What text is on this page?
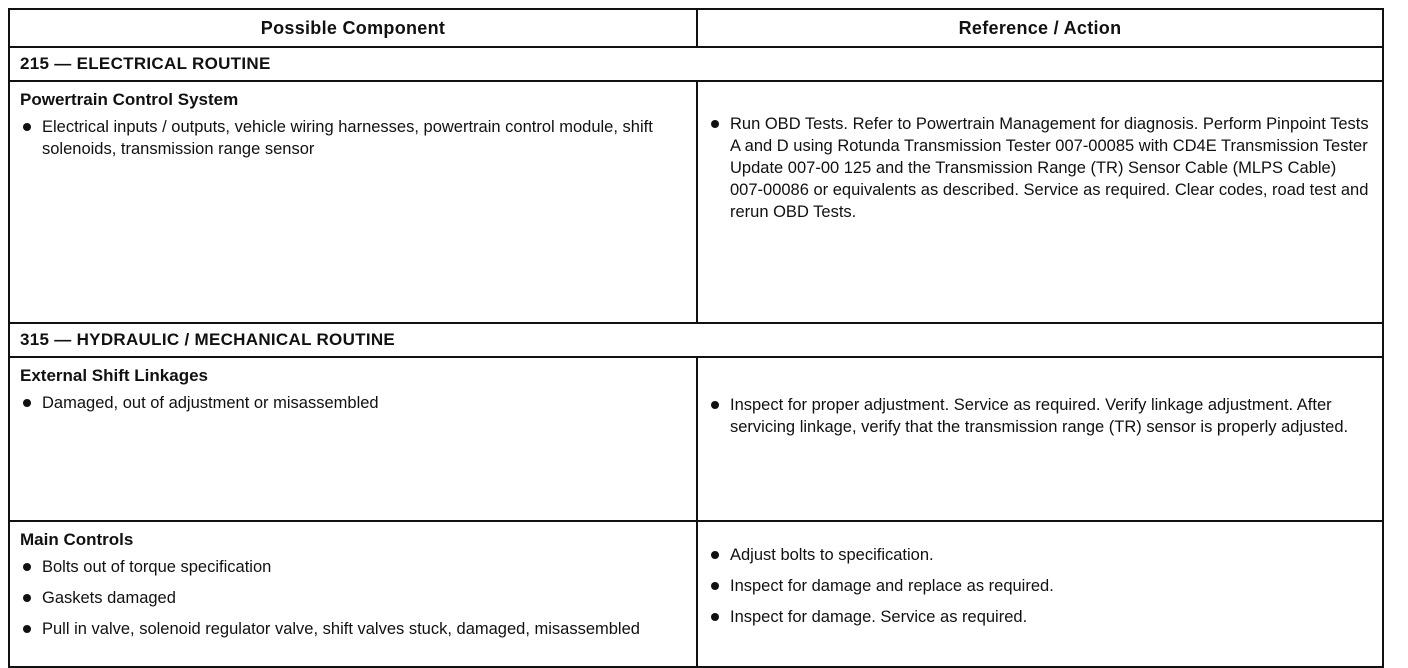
Possible Component	Reference / Action
215 — ELECTRICAL ROUTINE
Powertrain Control System
Electrical inputs / outputs, vehicle wiring harnesses, powertrain control module, shift solenoids, transmission range sensor
Run OBD Tests. Refer to Powertrain Management for diagnosis. Perform Pinpoint Tests A and D using Rotunda Transmission Tester 007-00085 with CD4E Transmission Tester Update 007-00 125 and the Transmission Range (TR) Sensor Cable (MLPS Cable) 007-00086 or equivalents as described. Service as required. Clear codes, road test and rerun OBD Tests.
315 — HYDRAULIC / MECHANICAL ROUTINE
External Shift Linkages
Damaged, out of adjustment or misassembled	Inspect for proper adjustment. Service as required. Verify linkage adjustment. After servicing linkage, verify that the transmission range (TR) sensor is properly adjusted.
Main Controls
Bolts out of torque specification
Gaskets damaged
Pull in valve, solenoid regulator valve, shift valves stuck, damaged, misassembled
Adjust bolts to specification.
Inspect for damage and replace as required.
Inspect for damage. Service as required.
